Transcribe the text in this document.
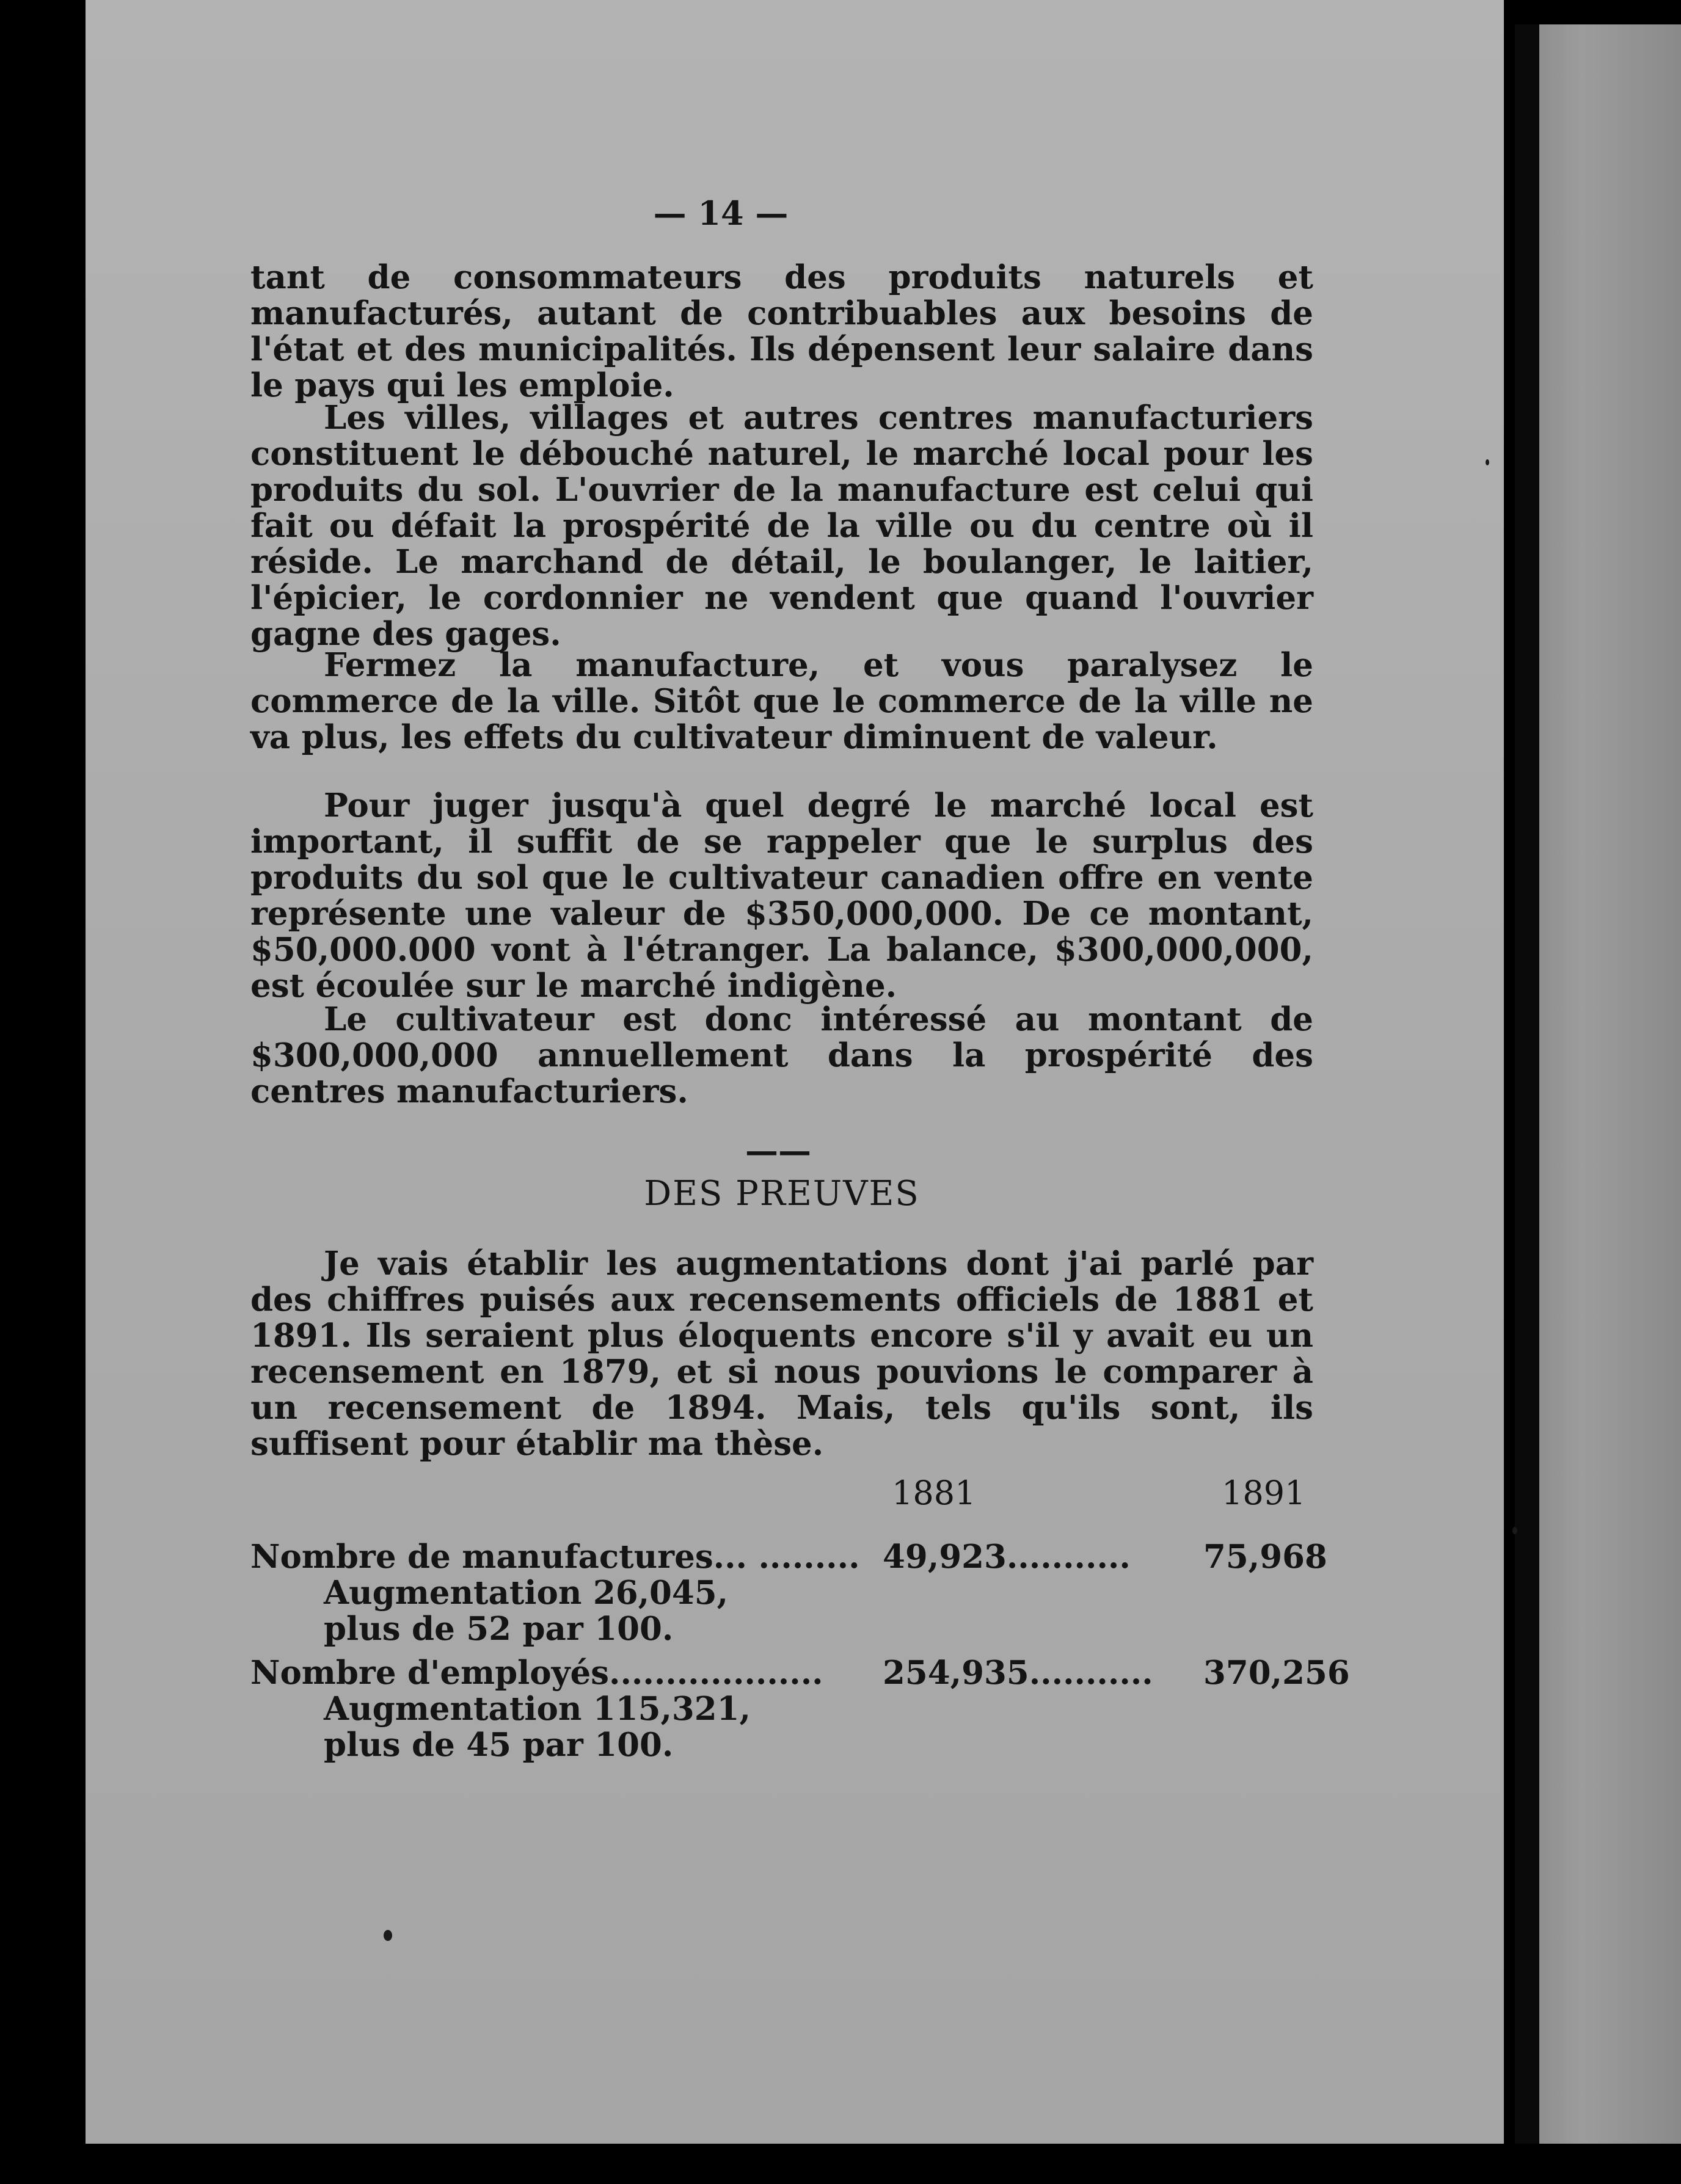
— 14 —

tant de consommateurs des produits naturels et manufacturés, autant de contribuables aux besoins de l'état et des municipalités. Ils dépensent leur salaire dans le pays qui les emploie.

Les villes, villages et autres centres manufacturiers constituent le débouché naturel, le marché local pour les produits du sol. L'ouvrier de la manufacture est celui qui fait ou défait la prospérité de la ville ou du centre où il réside. Le marchand de détail, le boulanger, le laitier, l'épicier, le cordonnier ne vendent que quand l'ouvrier gagne des gages.

Fermez la manufacture, et vous paralysez le commerce de la ville. Sitôt que le commerce de la ville ne va plus, les effets du cultivateur diminuent de valeur.

Pour juger jusqu'à quel degré le marché local est important, il suffit de se rappeler que le surplus des produits du sol que le cultivateur canadien offre en vente représente une valeur de $350,000,000. De ce montant, $50,000.000 vont à l'étranger. La balance, $300,000,000, est écoulée sur le marché indigène.

Le cultivateur est donc intéressé au montant de $300,000,000 annuellement dans la prospérité des centres manufacturiers.

——
DES PREUVES

Je vais établir les augmentations dont j'ai parlé par des chiffres puisés aux recensements officiels de 1881 et 1891. Ils seraient plus éloquents encore s'il y avait eu un recensement en 1879, et si nous pouvions le comparer à un recensement de 1894. Mais, tels qu'ils sont, ils suffisent pour établir ma thèse.

1881	1891
Nombre de manufactures... ......... 49,923........... 75,968
Augmentation 26,045, plus de 52 par 100.
Nombre d'employés................... 254,935........... 370,256
Augmentation 115,321, plus de 45 par 100.
